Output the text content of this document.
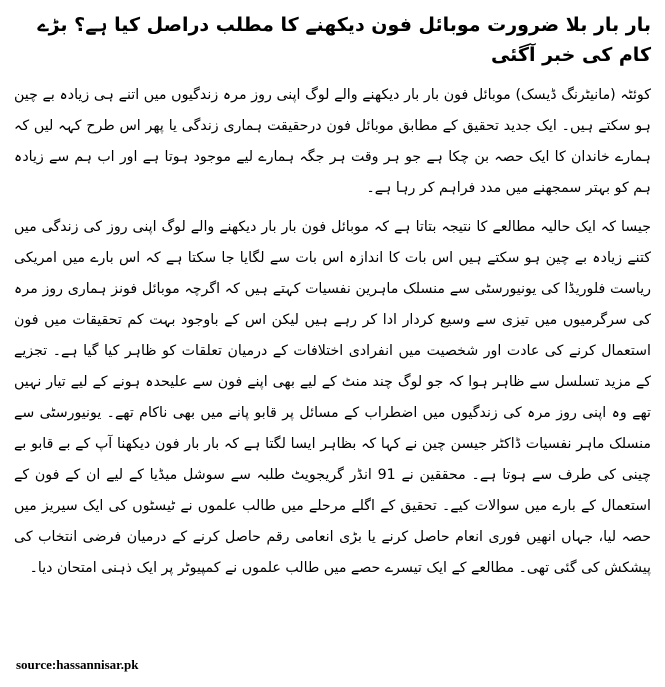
بار بار بلا ضرورت موبائل فون دیکھنے کا مطلب دراصل کیا ہے؟ بڑے کام کی خبر آگئی

کوئٹہ (مانیٹرنگ ڈیسک) موبائل فون بار بار دیکھنے والے لوگ اپنی روز مرہ زندگیوں میں اتنے ہی زیادہ بے چین ہو سکتے ہیں۔ ایک جدید تحقیق کے مطابق موبائل فون درحقیقت ہماری زندگی یا پھر اس طرح کہہ لیں کہ ہمارے خاندان کا ایک حصہ بن چکا ہے جو ہر وقت ہر جگہ ہمارے لیے موجود ہوتا ہے اور اب ہم سے زیادہ ہم کو بہتر سمجھنے میں مدد فراہم کر رہا ہے۔

جیسا کہ ایک حالیہ مطالعے کا نتیجہ بتاتا ہے کہ موبائل فون بار بار دیکھنے والے لوگ اپنی روز کی زندگی میں کتنے زیادہ بے چین ہو سکتے ہیں اس بات کا اندازہ اس بات سے لگایا جا سکتا ہے کہ اس بارے میں امریکی ریاست فلوریڈا کی یونیورسٹی سے منسلک ماہرین نفسیات کہتے ہیں کہ اگرچہ موبائل فونز ہماری روز مرہ کی سرگرمیوں میں تیزی سے وسیع کردار ادا کر رہے ہیں لیکن اس کے باوجود بہت کم تحقیقات میں فون استعمال کرنے کی عادت اور شخصیت میں انفرادی اختلافات کے درمیان تعلقات کو ظاہر کیا گیا ہے۔ تجزیے کے مزید تسلسل سے ظاہر ہوا کہ جو لوگ چند منٹ کے لیے بھی اپنے فون سے علیحدہ ہونے کے لیے تیار نہیں تھے وہ اپنی روز مرہ کی زندگیوں میں اضطراب کے مسائل پر قابو پانے میں بھی ناکام تھے۔ یونیورسٹی سے منسلک ماہر نفسیات ڈاکٹر جیسن چین نے کہا کہ بظاہر ایسا لگتا ہے کہ بار بار فون دیکھنا آپ کے بے قابو بے چینی کی طرف سے ہوتا ہے۔ محققین نے 91 انڈر گریجویٹ طلبہ سے سوشل میڈیا کے لیے ان کے فون کے استعمال کے بارے میں سوالات کیے۔ تحقیق کے اگلے مرحلے میں طالب علموں نے ٹیسٹوں کی ایک سیریز میں حصہ لیا، جہاں انھیں فوری انعام حاصل کرنے یا بڑی انعامی رقم حاصل کرنے کے درمیان فرضی انتخاب کی پیشکش کی گئی تھی۔ مطالعے کے ایک تیسرے حصے میں طالب علموں نے کمپیوٹر پر ایک ذہنی امتحان دیا۔

source:hassannisar.pk
